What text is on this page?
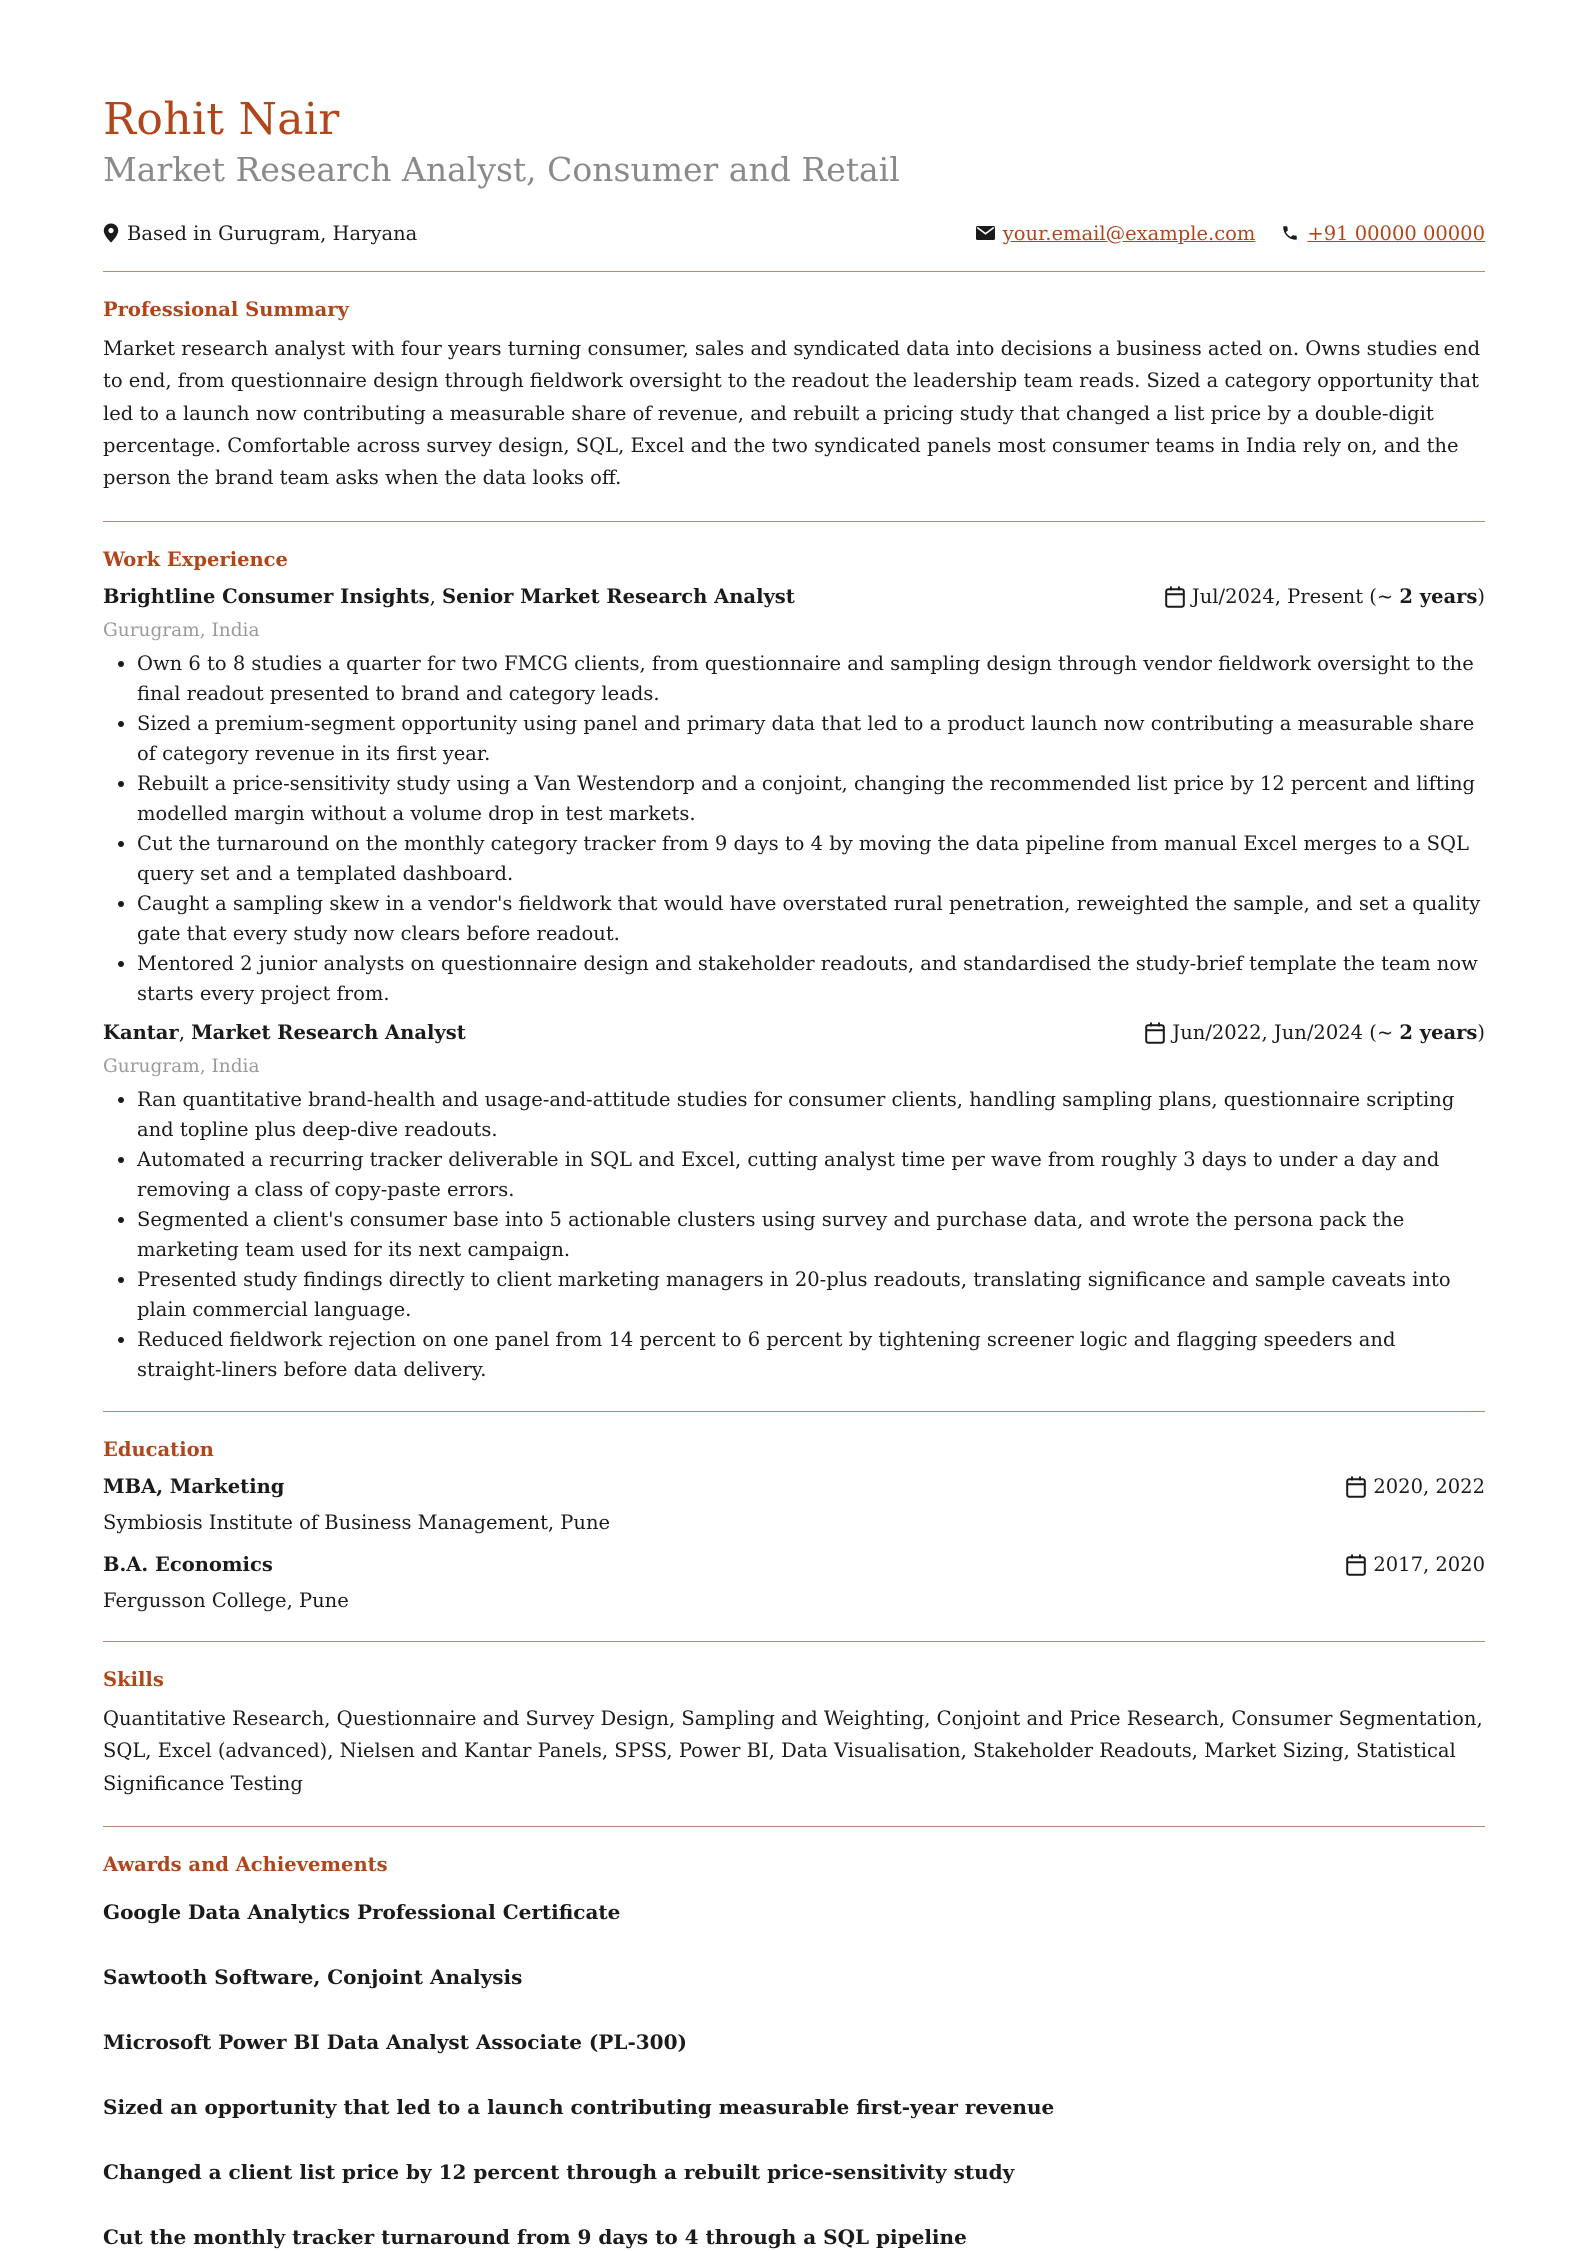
Rohit Nair
Market Research Analyst, Consumer and Retail
Based in Gurugram, Haryana	your.email@example.com	+91 00000 00000
Professional Summary

Market research analyst with four years turning consumer, sales and syndicated data into decisions a business acted on. Owns studies end to end, from questionnaire design through fieldwork oversight to the readout the leadership team reads. Sized a category opportunity that led to a launch now contributing a measurable share of revenue, and rebuilt a pricing study that changed a list price by a double-digit percentage. Comfortable across survey design, SQL, Excel and the two syndicated panels most consumer teams in India rely on, and the person the brand team asks when the data looks off.

Work Experience
Brightline Consumer Insights, Senior Market Research Analyst	Jul/2024, Present (~
2 years )
Gurugram, India
• Own 6 to 8 studies a quarter for two FMCG clients, from questionnaire and sampling design through vendor fieldwork oversight to the final readout presented to brand and category leads.
• Sized a premium-segment opportunity using panel and primary data that led to a product launch now contributing a measurable share of category revenue in its first year.
• Rebuilt a price-sensitivity study using a Van Westendorp and a conjoint, changing the recommended list price by 12 percent and lifting modelled margin without a volume drop in test markets.
• Cut the turnaround on the monthly category tracker from 9 days to 4 by moving the data pipeline from manual Excel merges to a SQL query set and a templated dashboard.
• Caught a sampling skew in a vendor's fieldwork that would have overstated rural penetration, reweighted the sample, and set a quality gate that every study now clears before readout.
• Mentored 2 junior analysts on questionnaire design and stakeholder readouts, and standardised the study-brief template the team now starts every project from.
Kantar, Market Research Analyst	Jun/2022, Jun/2024 (~
2 years )
Gurugram, India
• Ran quantitative brand-health and usage-and-attitude studies for consumer clients, handling sampling plans, questionnaire scripting and topline plus deep-dive readouts.
• Automated a recurring tracker deliverable in SQL and Excel, cutting analyst time per wave from roughly 3 days to under a day and removing a class of copy-paste errors.
• Segmented a client's consumer base into 5 actionable clusters using survey and purchase data, and wrote the persona pack the marketing team used for its next campaign.
• Presented study findings directly to client marketing managers in 20-plus readouts, translating significance and sample caveats into plain commercial language.
• Reduced fieldwork rejection on one panel from 14 percent to 6 percent by tightening screener logic and flagging speeders and straight-liners before data delivery.
Education
MBA, Marketing	2020, 2022
Symbiosis Institute of Business Management, Pune
B.A. Economics	2017, 2020
Fergusson College, Pune
Skills

Quantitative Research, Questionnaire and Survey Design, Sampling and Weighting, Conjoint and Price Research, Consumer Segmentation, SQL, Excel (advanced), Nielsen and Kantar Panels, SPSS, Power BI, Data Visualisation, Stakeholder Readouts, Market Sizing, Statistical Significance Testing

Awards and Achievements
Google Data Analytics Professional Certificate
Sawtooth Software, Conjoint Analysis
Microsoft Power BI Data Analyst Associate (PL-300)
Sized an opportunity that led to a launch contributing measurable first-year revenue
Changed a client list price by 12 percent through a rebuilt price-sensitivity study
Cut the monthly tracker turnaround from 9 days to 4 through a SQL pipeline
